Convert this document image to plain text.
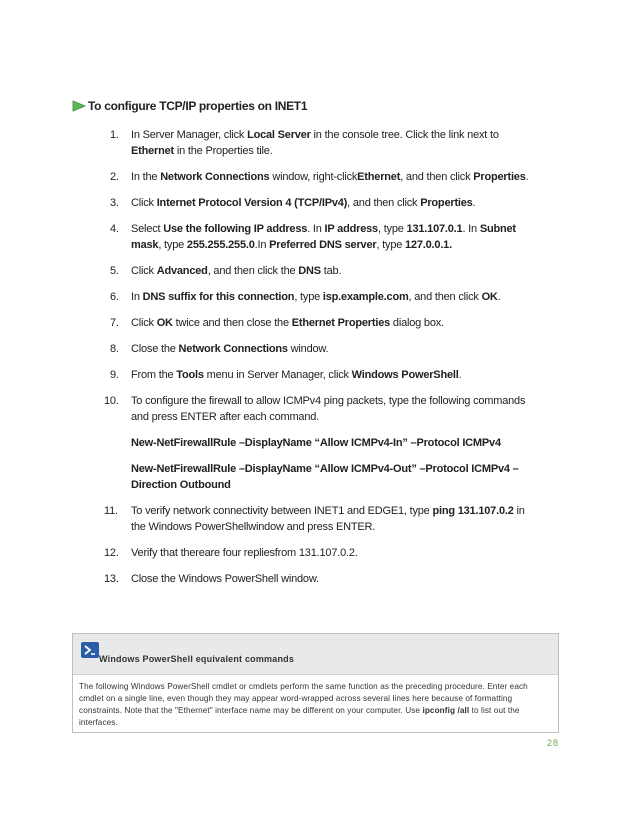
To configure TCP/IP properties on INET1
1.	In Server Manager, click Local Server in the console tree. Click the link next to Ethernet in the Properties tile.
2.	In the Network Connections window, right-clickEthernet, and then click Properties.
3.	Click Internet Protocol Version 4 (TCP/IPv4), and then click Properties.
4.	Select Use the following IP address. In IP address, type 131.107.0.1. In Subnet mask, type 255.255.255.0.In Preferred DNS server, type 127.0.0.1.
5.	Click Advanced, and then click the DNS tab.
6.	In DNS suffix for this connection, type isp.example.com, and then click OK.
7.	Click OK twice and then close the Ethernet Properties dialog box.
8.	Close the Network Connections window.
9.	From the Tools menu in Server Manager, click Windows PowerShell.
10.	To configure the firewall to allow ICMPv4 ping packets, type the following commands and press ENTER after each command.
New-NetFirewallRule –DisplayName “Allow ICMPv4-In” –Protocol ICMPv4
New-NetFirewallRule –DisplayName “Allow ICMPv4-Out” –Protocol ICMPv4 –Direction Outbound
11.	To verify network connectivity between INET1 and EDGE1, type ping 131.107.0.2 in the Windows PowerShellwindow and press ENTER.
12.	Verify that thereare four repliesfrom 131.107.0.2.
13.	Close the Windows PowerShell window.
Windows PowerShell equivalent commands
The following Windows PowerShell cmdlet or cmdlets perform the same function as the preceding procedure. Enter each cmdlet on a single line, even though they may appear word-wrapped across several lines here because of formatting constraints. Note that the "Ethernet" interface name may be different on your computer. Use ipconfig /all to list out the interfaces.
28
